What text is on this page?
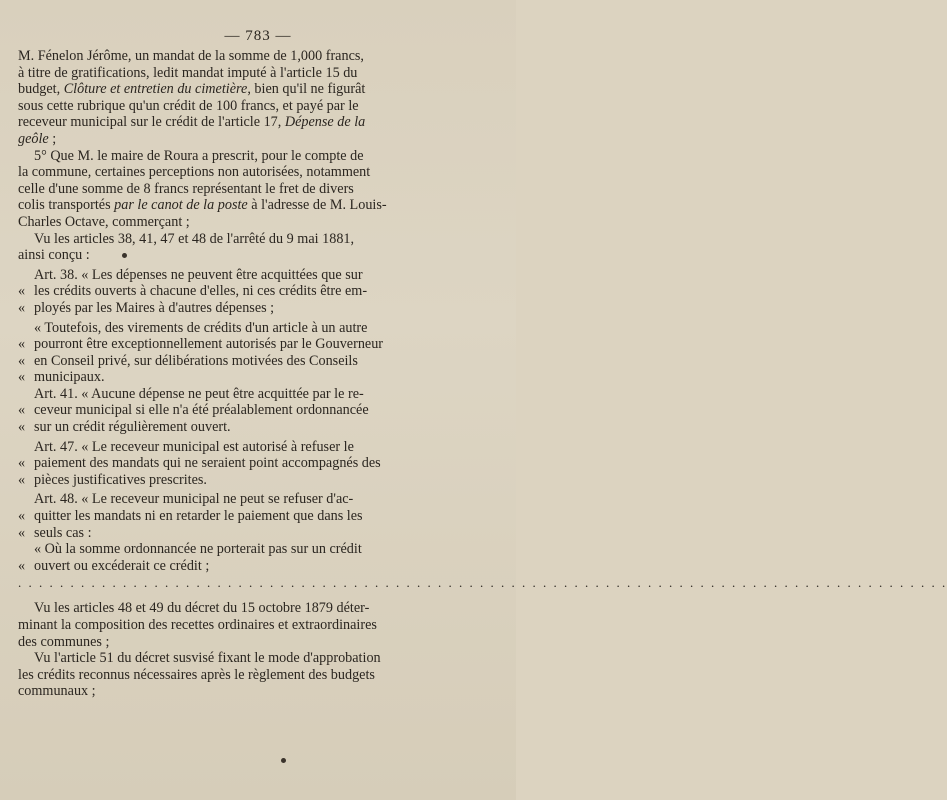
— 783 —

M. Fénelon Jérôme, un mandat de la somme de 1,000 francs,
à titre de gratifications, ledit mandat imputé à l'article 15 du
budget, Clôture et entretien du cimetière, bien qu'il ne figurât
sous cette rubrique qu'un crédit de 100 francs, et payé par le
receveur municipal sur le crédit de l'article 17, Dépense de la
geôle ;

5° Que M. le maire de Roura a prescrit, pour le compte de
la commune, certaines perceptions non autorisées, notamment
celle d'une somme de 8 francs représentant le fret de divers
colis transportés par le canot de la poste à l'adresse de M. Louis-
Charles Octave, commerçant ;

Vu les articles 38, 41, 47 et 48 de l'arrêté du 9 mai 1881,
ainsi conçu :

Art. 38. « Les dépenses ne peuvent être acquittées que sur
« les crédits ouverts à chacune d'elles, ni ces crédits être em-
« ployés par les Maires à d'autres dépenses ;
« Toutefois, des virements de crédits d'un article à un autre
« pourront être exceptionnellement autorisés par le Gouverneur
« en Conseil privé, sur délibérations motivées des Conseils
« municipaux.
Art. 41. « Aucune dépense ne peut être acquittée par le re-
« ceveur municipal si elle n'a été préalablement ordonnancée
« sur un crédit régulièrement ouvert.
Art. 47. « Le receveur municipal est autorisé à refuser le
« paiement des mandats qui ne seraient point accompagnés des
« pièces justificatives prescrites.
Art. 48. « Le receveur municipal ne peut se refuser d'ac-
« quitter les mandats ni en retarder le paiement que dans les
« seuls cas :
« Où la somme ordonnancée ne porterait pas sur un crédit
« ouvert ou excéderait ce crédit ;
. . . . . . . . . . . . . . . . . . . . . . . . . . . . . . . . . . . . . . . . . . . . . . . . . . . . . . . . . . . . . . . . . . . . . . . . . . . . . . . . . . . . . . . . .

Vu les articles 48 et 49 du décret du 15 octobre 1879 déter-
minant la composition des recettes ordinaires et extraordinaires
des communes ;

Vu l'article 51 du décret susvisé fixant le mode d'approbation
les crédits reconnus nécessaires après le règlement des budgets
communaux ;
